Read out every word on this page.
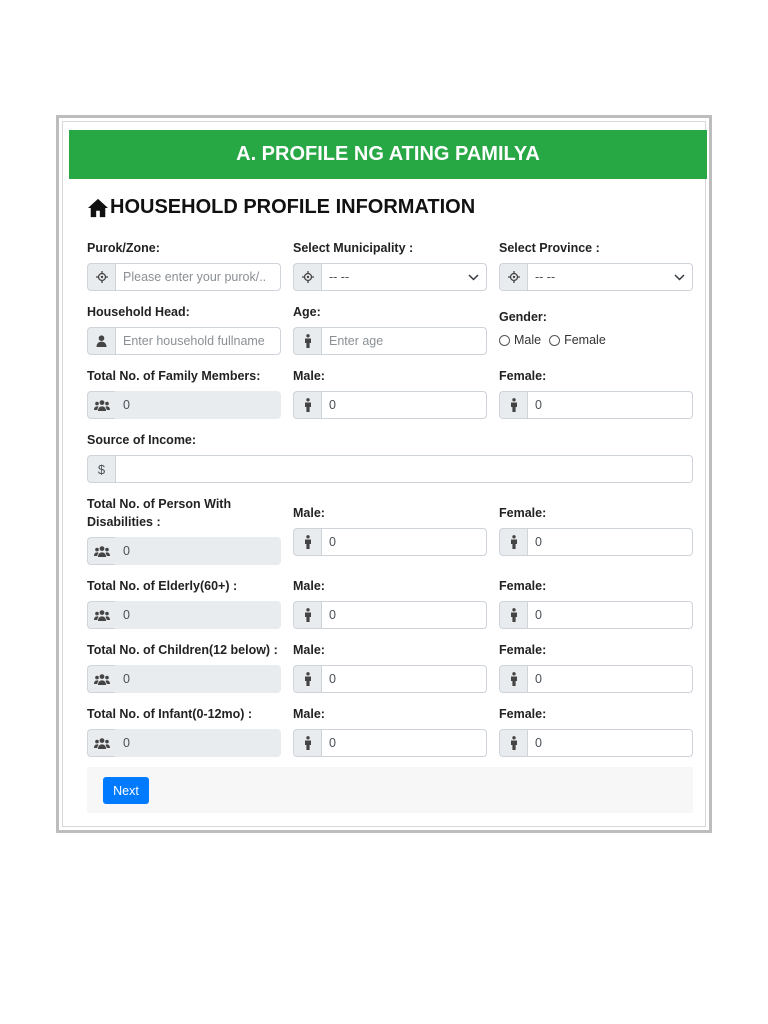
A. PROFILE NG ATING PAMILYA
HOUSEHOLD PROFILE INFORMATION
Purok/Zone:
Please enter your purok/..
Select Municipality :
-- --
Select Province :
-- --
Household Head:
Enter household fullname
Age:
Enter age
Gender:
Male Female
Total No. of Family Members:
0
Male:
0
Female:
0
Source of Income:
$
Total No. of Person With
Disabilities :
0
Male:
0
Female:
0
Total No. of Elderly(60+) :
0
Male:
0
Female:
0
Total No. of Children(12 below) :
0
Male:
0
Female:
0
Total No. of Infant(0-12mo) :
0
Male:
0
Female:
0
Next
